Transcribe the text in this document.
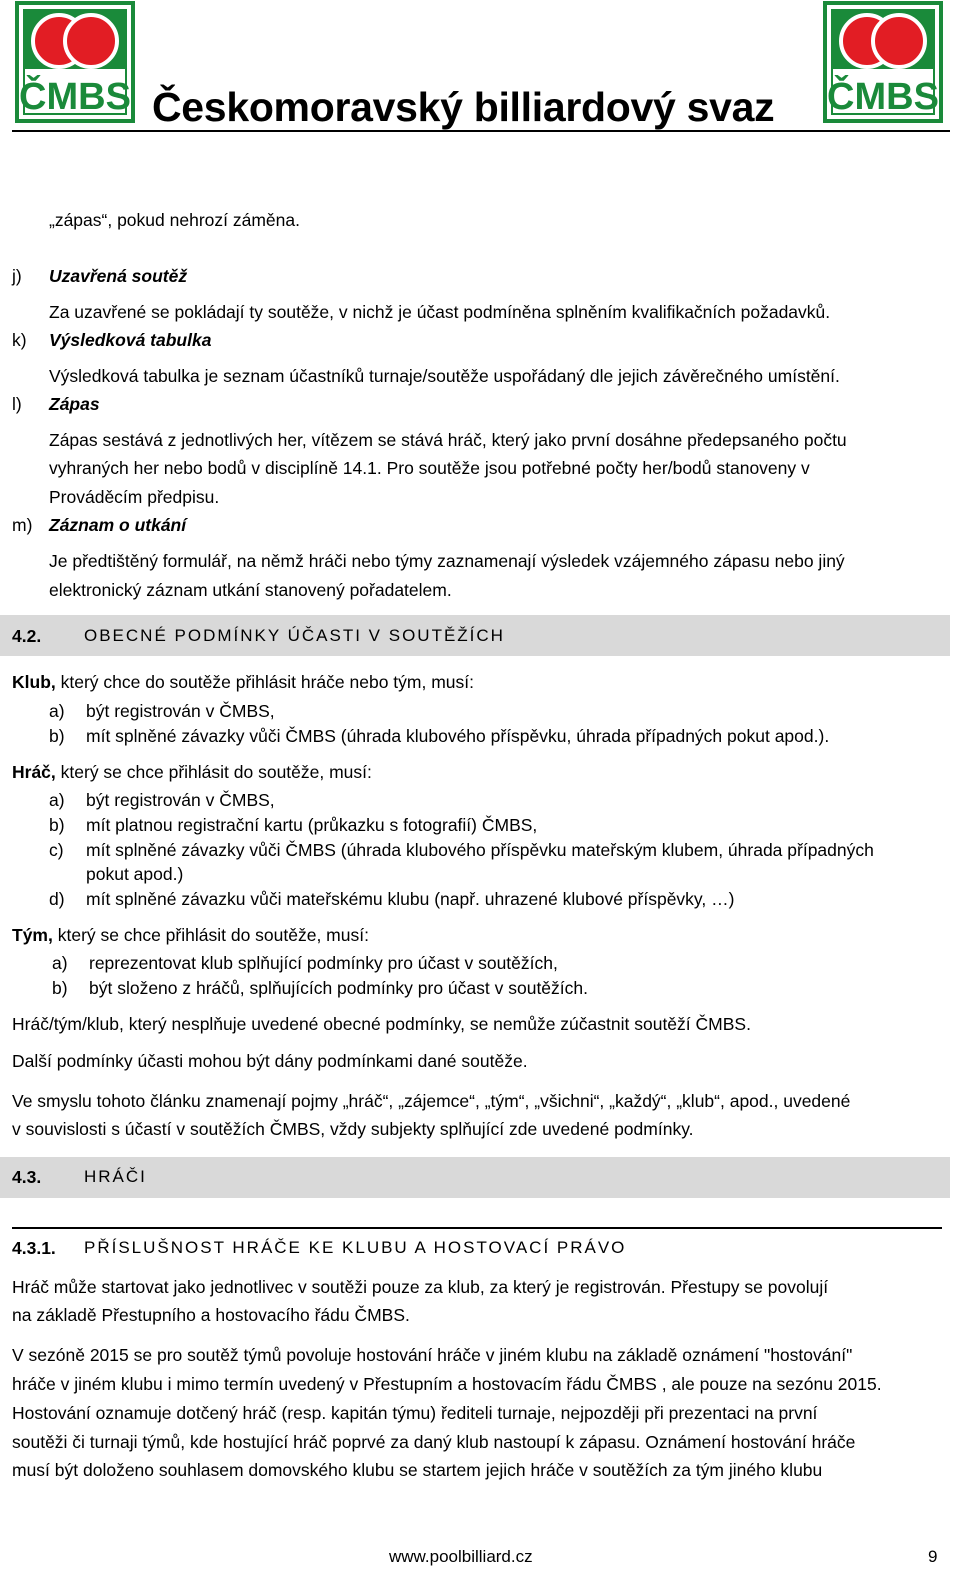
ČMBS	ČMBS
Českomoravský billiardový svaz
„zápas“, pokud nehrozí záměna.
j) Uzavřená soutěž
Za uzavřené se pokládají ty soutěže, v nichž je účast podmíněna splněním kvalifikačních požadavků.
k) Výsledková tabulka
Výsledková tabulka je seznam účastníků turnaje/soutěže uspořádaný dle jejich závěrečného umístění.
l) Zápas
Zápas sestává z jednotlivých her, vítězem se stává hráč, který jako první dosáhne předepsaného počtu
vyhraných her nebo bodů v disciplíně 14.1. Pro soutěže jsou potřebné počty her/bodů stanoveny v
Prováděcím předpisu.
m) Záznam o utkání
Je předtištěný formulář, na němž hráči nebo týmy zaznamenají výsledek vzájemného zápasu nebo jiný
elektronický záznam utkání stanovený pořadatelem.
4.2.	OBECNÉ PODMÍNKY ÚČASTI V SOUTĚŽÍCH
Klub, který chce do soutěže přihlásit hráče nebo tým, musí:
a) být registrován v ČMBS,
b) mít splněné závazky vůči ČMBS (úhrada klubového příspěvku, úhrada případných pokut apod.).
Hráč, který se chce přihlásit do soutěže, musí:
a) být registrován v ČMBS,
b) mít platnou registrační kartu (průkazku s fotografií) ČMBS,
c) mít splněné závazky vůči ČMBS (úhrada klubového příspěvku mateřským klubem, úhrada případných
pokut apod.)
d) mít splněné závazku vůči mateřskému klubu (např. uhrazené klubové příspěvky, …)
Tým, který se chce přihlásit do soutěže, musí:
a) reprezentovat klub splňující podmínky pro účast v soutěžích,
b) být složeno z hráčů, splňujících podmínky pro účast v soutěžích.
Hráč/tým/klub, který nesplňuje uvedené obecné podmínky, se nemůže zúčastnit soutěží ČMBS.
Další podmínky účasti mohou být dány podmínkami dané soutěže.
Ve smyslu tohoto článku znamenají pojmy „hráč“, „zájemce“, „tým“, „všichni“, „každý“, „klub“, apod., uvedené
v souvislosti s účastí v soutěžích ČMBS, vždy subjekty splňující zde uvedené podmínky.
4.3.	HRÁČI
4.3.1. PŘÍSLUŠNOST HRÁČE KE KLUBU A HOSTOVACÍ PRÁVO
Hráč může startovat jako jednotlivec v soutěži pouze za klub, za který je registrován. Přestupy se povolují
na základě Přestupního a hostovacího řádu ČMBS.
V sezóně 2015 se pro soutěž týmů povoluje hostování hráče v jiném klubu na základě oznámení "hostování"
hráče v jiném klubu i mimo termín uvedený v Přestupním a hostovacím řádu ČMBS , ale pouze na sezónu 2015.
Hostování oznamuje dotčený hráč (resp. kapitán týmu) řediteli turnaje, nejpozději při prezentaci na první
soutěži či turnaji týmů, kde hostující hráč poprvé za daný klub nastoupí k zápasu. Oznámení hostování hráče
musí být doloženo souhlasem domovského klubu se startem jejich hráče v soutěžích za tým jiného klubu
www.poolbilliard.cz	9
